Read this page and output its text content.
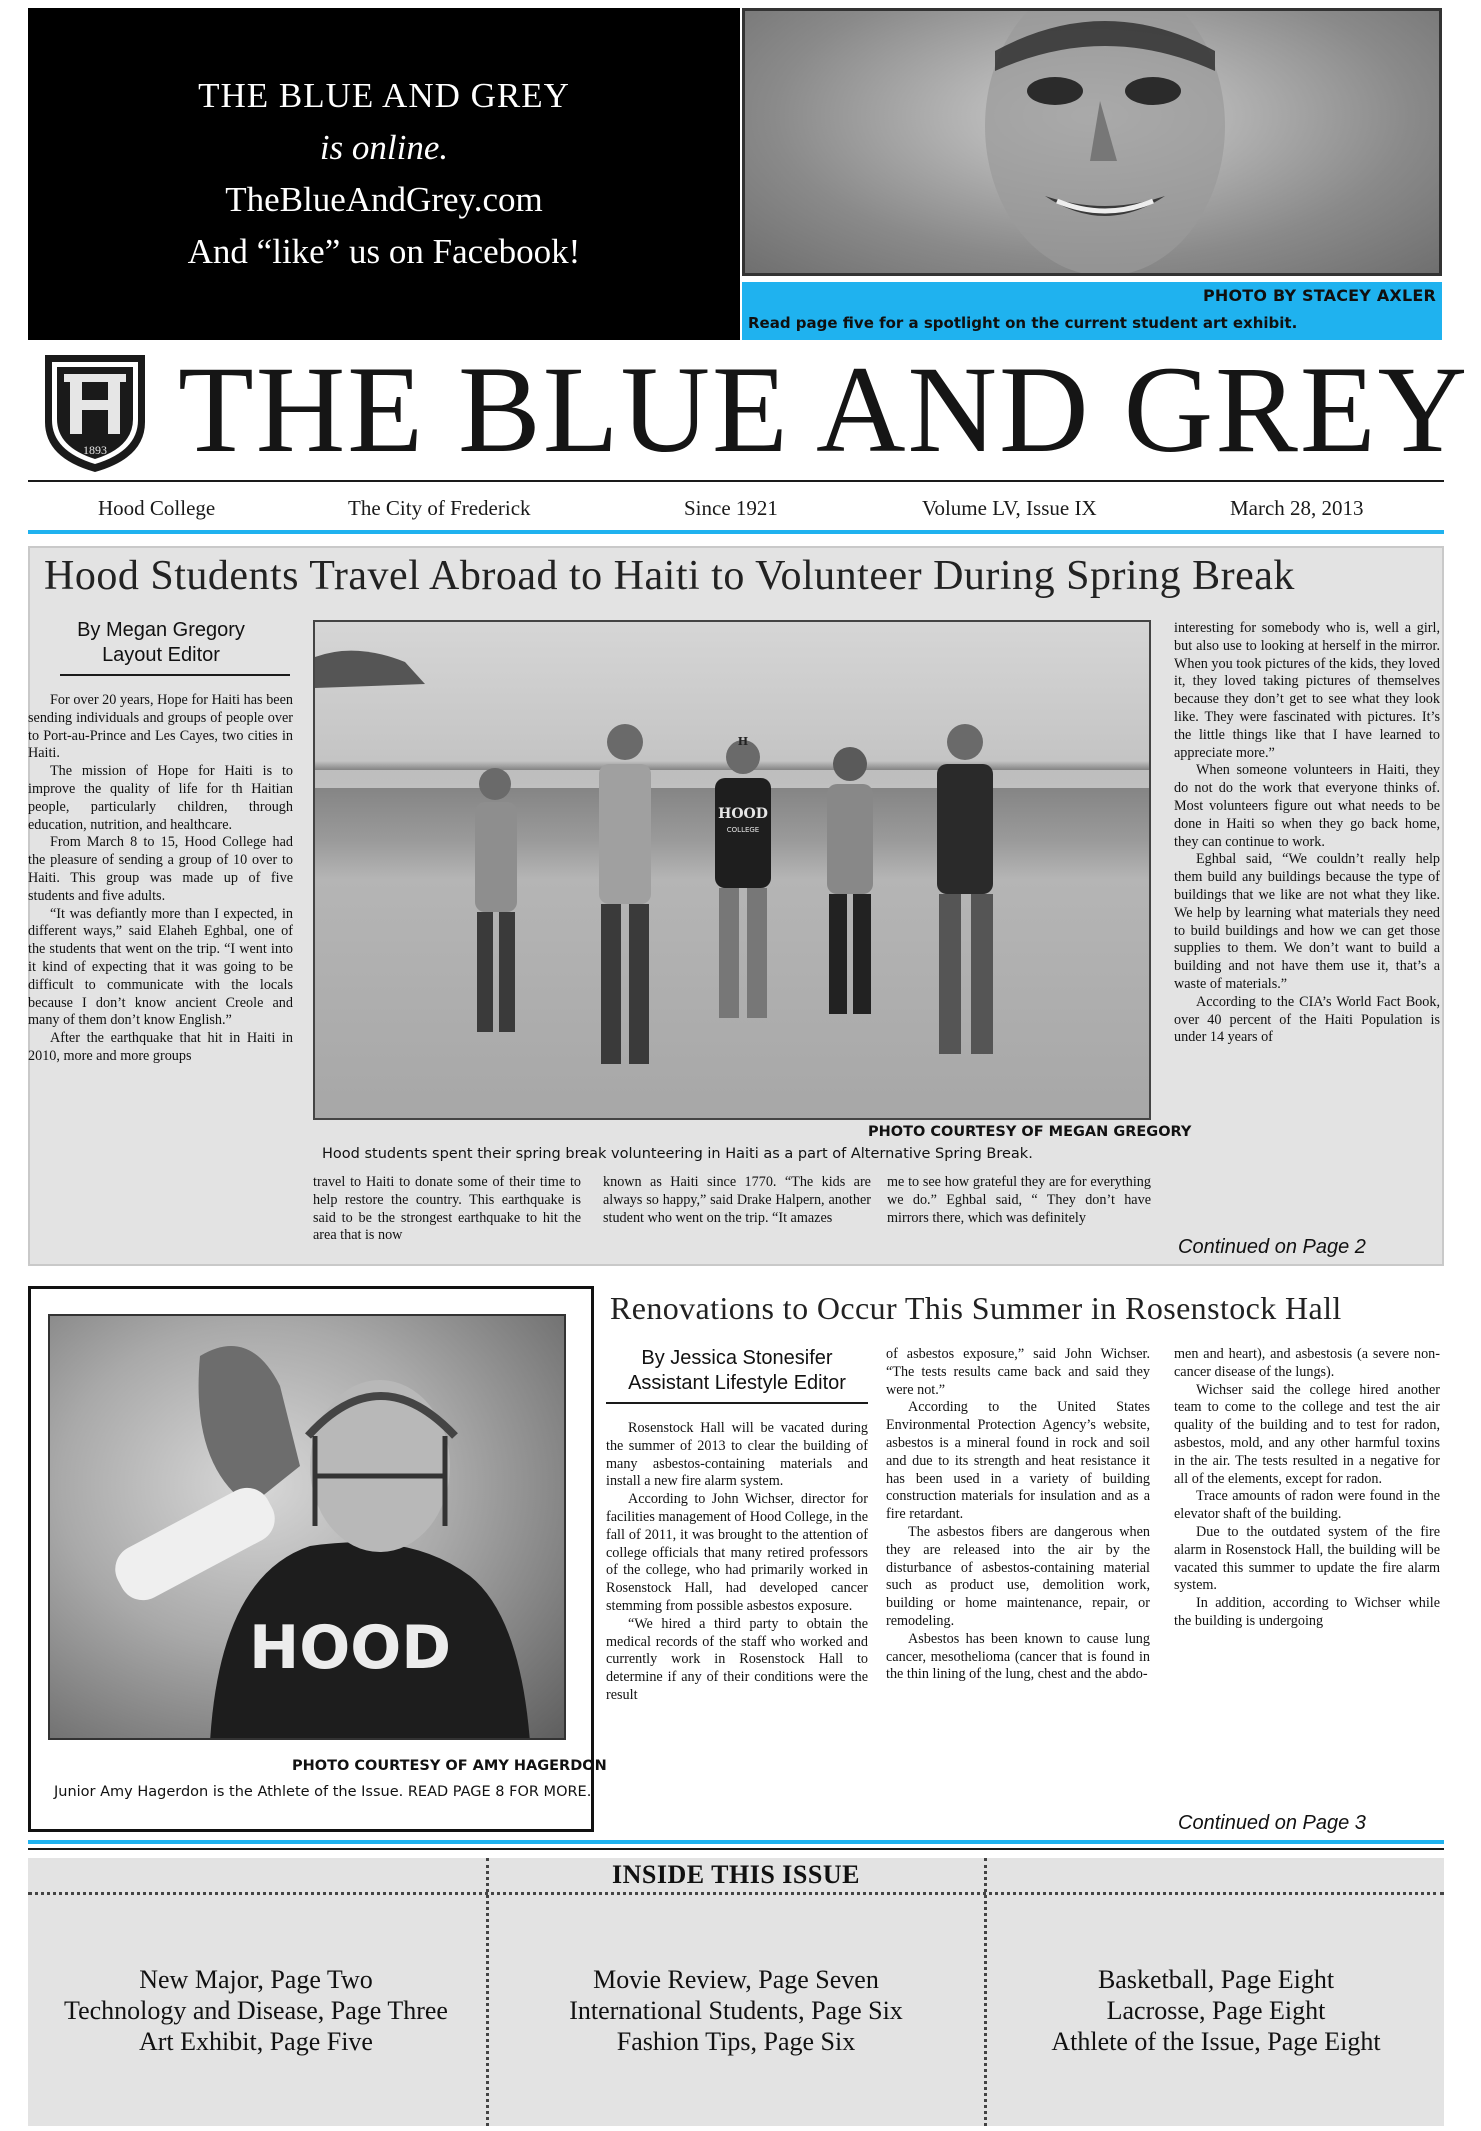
THE BLUE AND GREY
is online.
TheBlueAndGrey.com
And “like” us on Facebook!
PHOTO BY STACEY AXLER
Read page five for a spotlight on the current student art exhibit.
1893 THE BLUE AND GREY
Hood College	The City of Frederick	Since 1921	Volume LV, Issue IX	March 28, 2013
Hood Students Travel Abroad to Haiti to Volunteer During Spring Break
By Megan Gregory
Layout Editor

For over 20 years, Hope for Haiti has been sending individuals and groups of people over to Port-au-Prince and Les Cayes, two cities in Haiti.

The mission of Hope for Haiti is to improve the quality of life for th Haitian people, particularly children, through education, nutrition, and healthcare.

From March 8 to 15, Hood College had the pleasure of sending a group of 10 over to Haiti. This group was made up of five students and five adults.

“It was defiantly more than I expected, in different ways,” said Elaheh Eghbal, one of the students that went on the trip. “I went into it kind of expecting that it was going to be difficult to communicate with the locals because I don’t know ancient Creole and many of them don’t know English.”

After the earthquake that hit in Haiti in 2010, more and more groups

HOOD
COLLEGE
H
PHOTO COURTESY OF MEGAN GREGORY
Hood students spent their spring break volunteering in Haiti as a part of Alternative Spring Break.
travel to Haiti to donate some of their time to help restore the country. This earthquake is said to be the strongest earthquake to hit the area that is now
known as Haiti since 1770. “The kids are always so happy,” said Drake Halpern, another student who went on the trip. “It amazes
me to see how grateful they are for everything we do.” Eghbal said, “ They don’t have mirrors there, which was definitely

interesting for somebody who is, well a girl, but also use to looking at herself in the mirror. When you took pictures of the kids, they loved it, they loved taking pictures of themselves because they don’t get to see what they look like. They were fascinated with pictures. It’s the little things like that I have learned to appreciate more.”

When someone volunteers in Haiti, they do not do the work that everyone thinks of. Most volunteers figure out what needs to be done in Haiti so when they go back home, they can continue to work.

Eghbal said, “We couldn’t really help them build any buildings because the type of buildings that we like are not what they like. We help by learning what materials they need to build buildings and how we can get those supplies to them. We don’t want to build a building and not have them use it, that’s a waste of materials.”

According to the CIA’s World Fact Book, over 40 percent of the Haiti Population is under 14 years of

Continued on Page 2
HOOD
PHOTO COURTESY OF AMY HAGERDON
Junior Amy Hagerdon is the Athlete of the Issue. READ PAGE 8 FOR MORE.
Renovations to Occur This Summer in Rosenstock Hall
By Jessica Stonesifer
Assistant Lifestyle Editor

Rosenstock Hall will be vacated during the summer of 2013 to clear the building of many asbestos-containing materials and install a new fire alarm system.

According to John Wichser, director for facilities management of Hood College, in the fall of 2011, it was brought to the attention of college officials that many retired professors of the college, who had primarily worked in Rosenstock Hall, had developed cancer stemming from possible asbestos exposure.

“We hired a third party to obtain the medical records of the staff who worked and currently work in Rosenstock Hall to determine if any of their conditions were the result

of asbestos exposure,” said John Wichser. “The tests results came back and said they were not.”

According to the United States Environmental Protection Agency’s website, asbestos is a mineral found in rock and soil and due to its strength and heat resistance it has been used in a variety of building construction materials for insulation and as a fire retardant.

The asbestos fibers are dangerous when they are released into the air by the disturbance of asbestos-containing material such as product use, demolition work, building or home maintenance, repair, or remodeling.

Asbestos has been known to cause lung cancer, mesothelioma (cancer that is found in the thin lining of the lung, chest and the abdo-

men and heart), and asbestosis (a severe non-cancer disease of the lungs).

Wichser said the college hired another team to come to the college and test the air quality of the building and to test for radon, asbestos, mold, and any other harmful toxins in the air. The tests resulted in a negative for all of the elements, except for radon.

Trace amounts of radon were found in the elevator shaft of the building.

Due to the outdated system of the fire alarm in Rosenstock Hall, the building will be vacated this summer to update the fire alarm system.

In addition, according to Wichser while the building is undergoing

Continued on Page 3
INSIDE THIS ISSUE
New Major, Page Two
Technology and Disease, Page Three
Art Exhibit, Page Five
Movie Review, Page Seven
International Students, Page Six
Fashion Tips, Page Six
Basketball, Page Eight
Lacrosse, Page Eight
Athlete of the Issue, Page Eight
